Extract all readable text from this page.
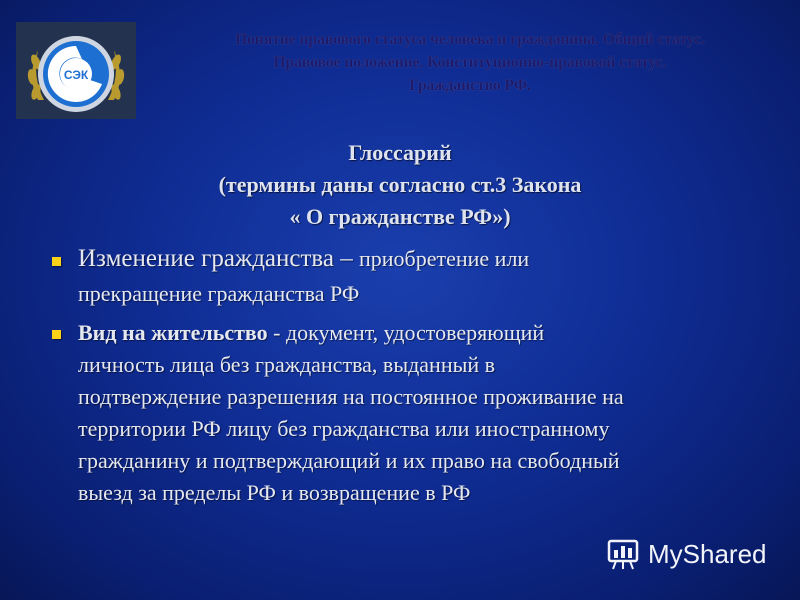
СЭК
Понятие правового статуса человека и гражданина. Общий статус.
Правовое положение. Конституционно-правовой статус.
Гражданство РФ.
Глоссарий
(термины даны согласно ст.3 Закона
« О гражданстве РФ»)
Изменение гражданства – приобретение или
прекращение гражданства РФ
Вид на жительство - документ, удостоверяющий
личность лица без гражданства, выданный в
подтверждение разрешения на постоянное проживание на
территории РФ лицу без гражданства или иностранному
гражданину и подтверждающий и их право на свободный
выезд за пределы РФ и возвращение в РФ
MyShared
